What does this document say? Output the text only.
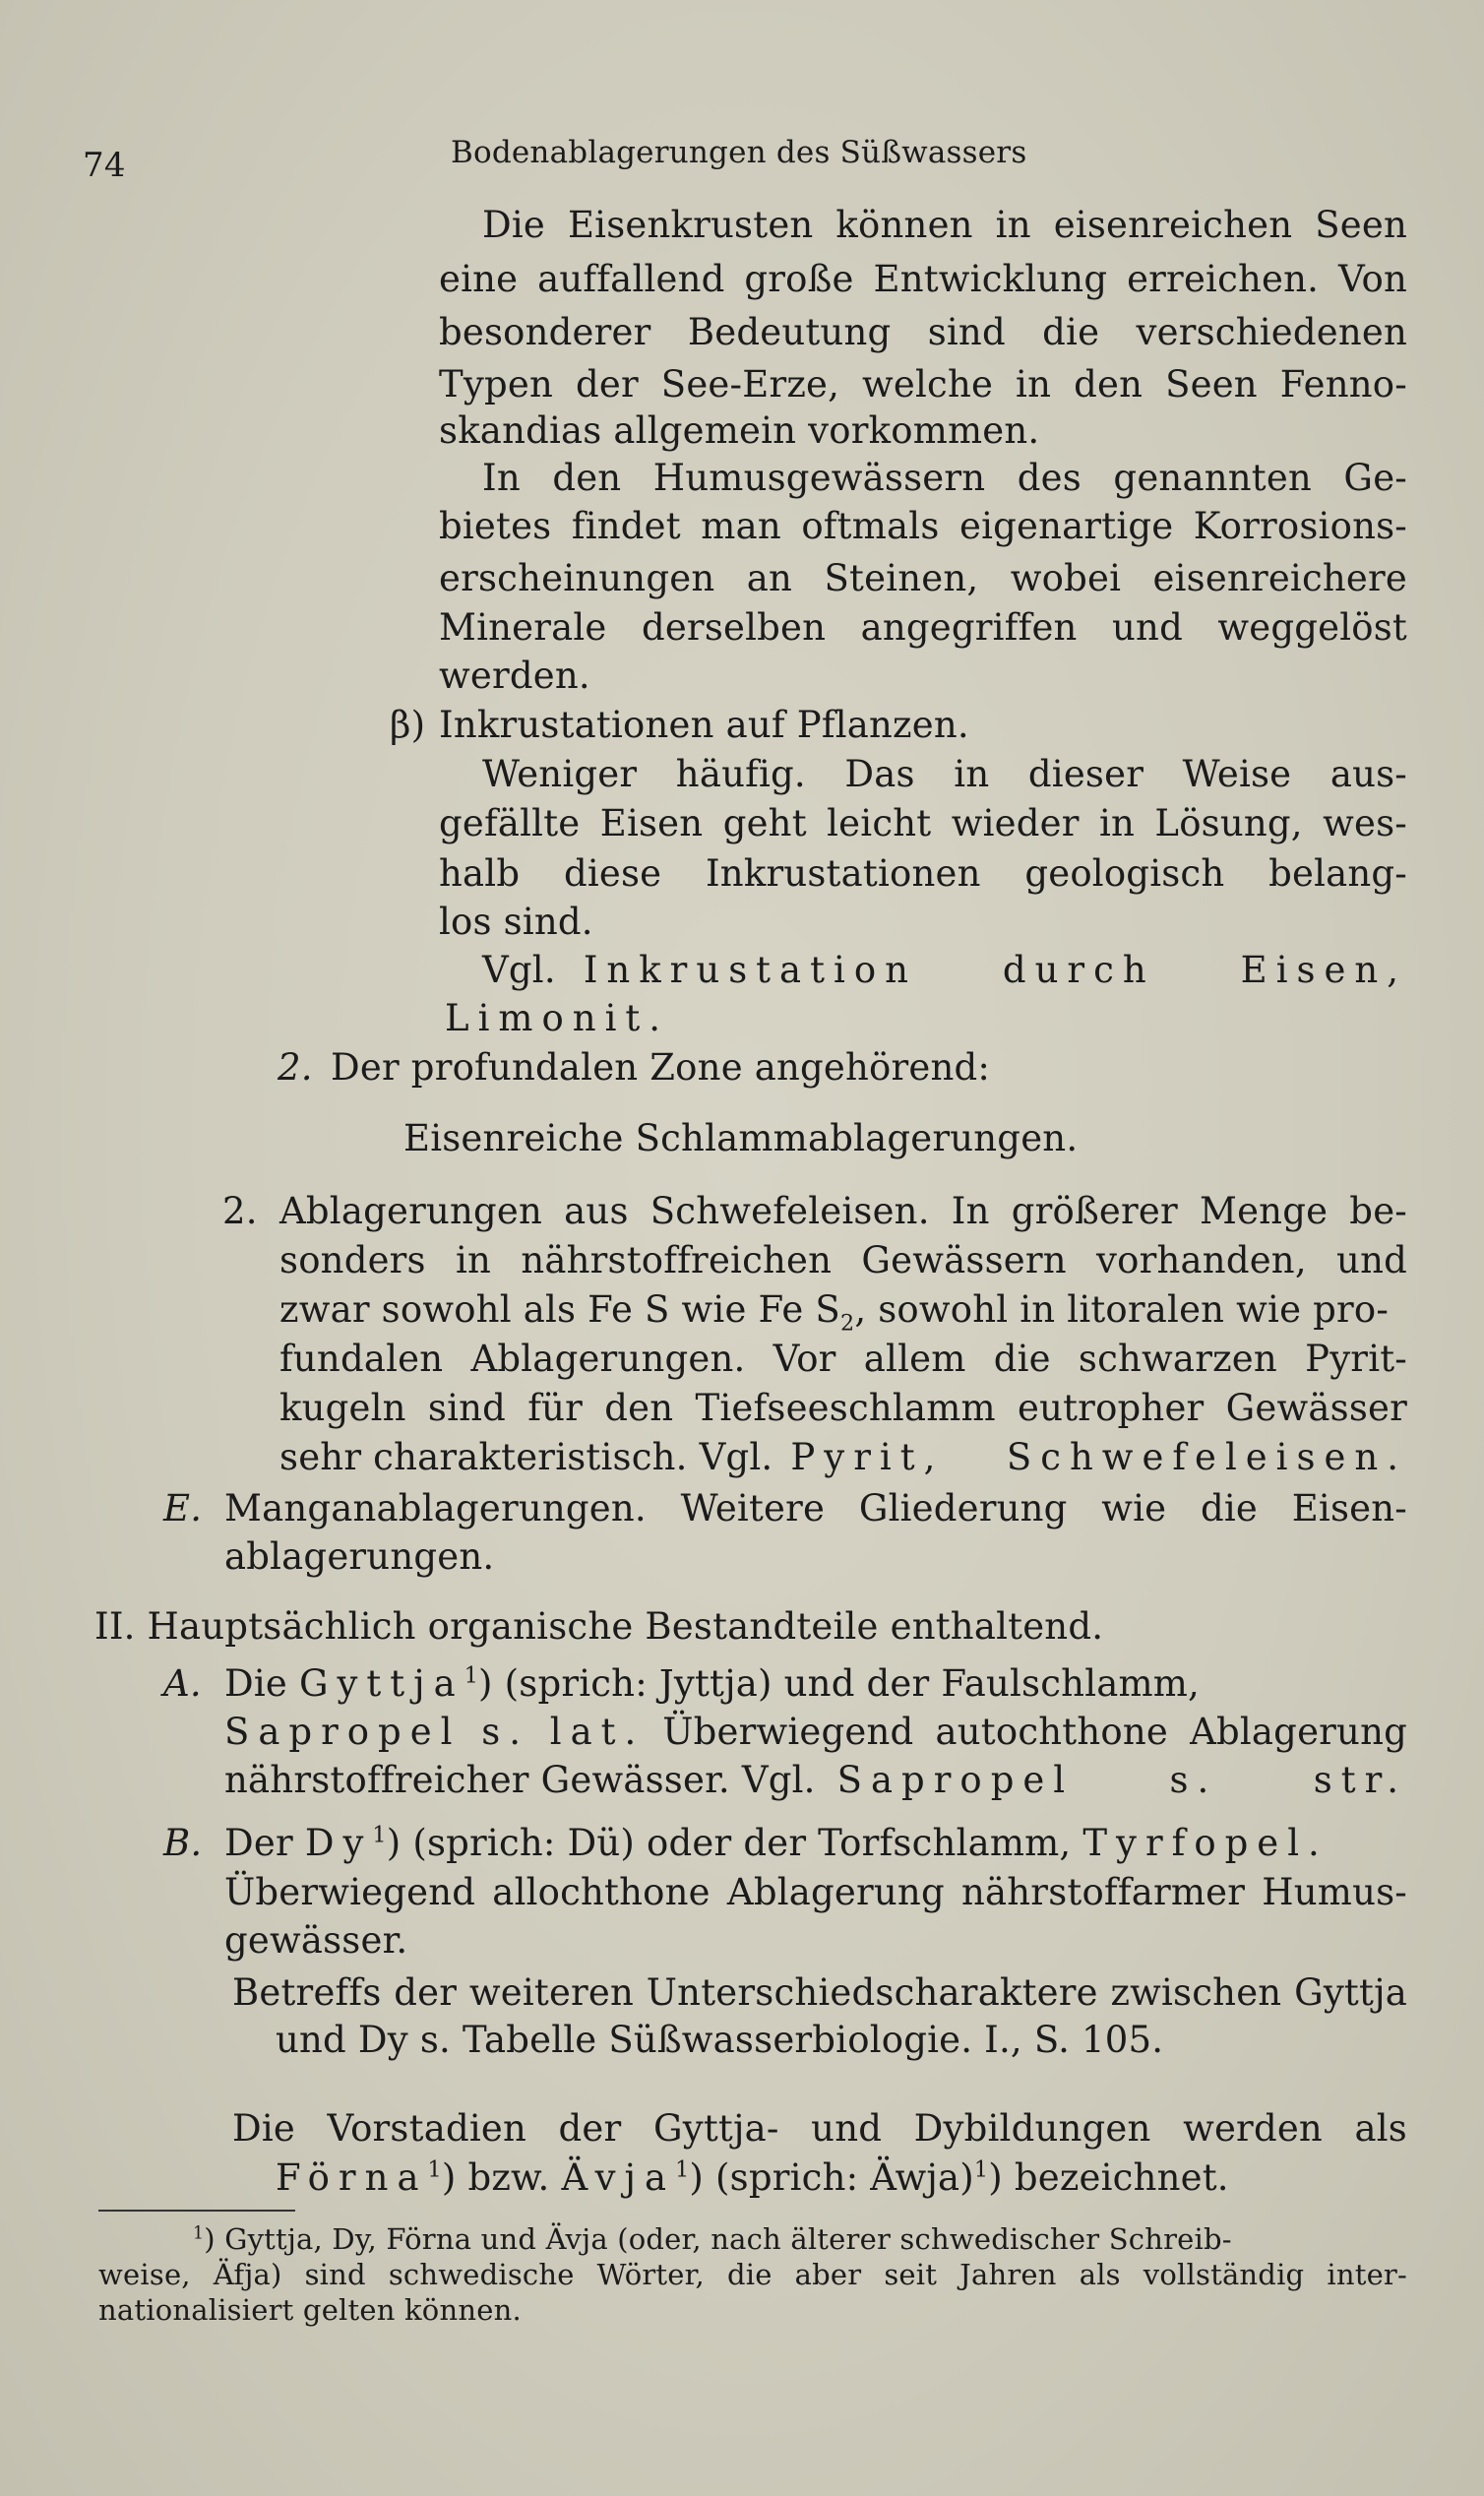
74	Bodenablagerungen des Süßwassers
Die Eisenkrusten können in eisenreichen Seen
eine auffallend große Entwicklung erreichen. Von
besonderer Bedeutung sind die verschiedenen
Typen der See-Erze, welche in den Seen Fenno-
skandias allgemein vorkommen.
In den Humusgewässern des genannten Ge-
bietes findet man oftmals eigenartige Korrosions-
erscheinungen an Steinen, wobei eisenreichere
Minerale derselben angegriffen und weggelöst
werden.
β) Inkrustationen auf Pflanzen.
Weniger häufig. Das in dieser Weise aus-
gefällte Eisen geht leicht wieder in Lösung, wes-
halb diese Inkrustationen geologisch belang-
los sind.
Vgl. Inkrustation durch Eisen,
Limonit.
2. Der profundalen Zone angehörend:
Eisenreiche Schlammablagerungen.
2. Ablagerungen aus Schwefeleisen. In größerer Menge be-
sonders in nährstoffreichen Gewässern vorhanden, und
zwar sowohl als Fe S wie Fe $S_2$, sowohl in litoralen wie pro-
fundalen Ablagerungen. Vor allem die schwarzen Pyrit-
kugeln sind für den Tiefseeschlamm eutropher Gewässer
sehr charakteristisch. Vgl. Pyrit, Schwefeleisen.
E. Manganablagerungen. Weitere Gliederung wie die Eisen-
ablagerungen.
II. Hauptsächlich organische Bestandteile enthaltend.
A. Die Gyttja$^1$) (sprich: Jyttja) und der Faulschlamm,
Sapropel s. lat. Überwiegend autochthone Ablagerung
nährstoffreicher Gewässer. Vgl. Sapropel s. str.
B. Der Dy$^1$) (sprich: Dü) oder der Torfschlamm, Tyrfopel.
Überwiegend allochthone Ablagerung nährstoffarmer Humus-
gewässer.
Betreffs der weiteren Unterschiedscharaktere zwischen Gyttja
und Dy s. Tabelle Süßwasserbiologie. I., S. 105.
Die Vorstadien der Gyttja- und Dybildungen werden als
Förna$^1$) bzw. Ävja$^1$) (sprich: Äwja)$^1$) bezeichnet.
$^1$) Gyttja, Dy, Förna und Ävja (oder, nach älterer schwedischer Schreib-
weise, Äfja) sind schwedische Wörter, die aber seit Jahren als vollständig inter-
nationalisiert gelten können.
